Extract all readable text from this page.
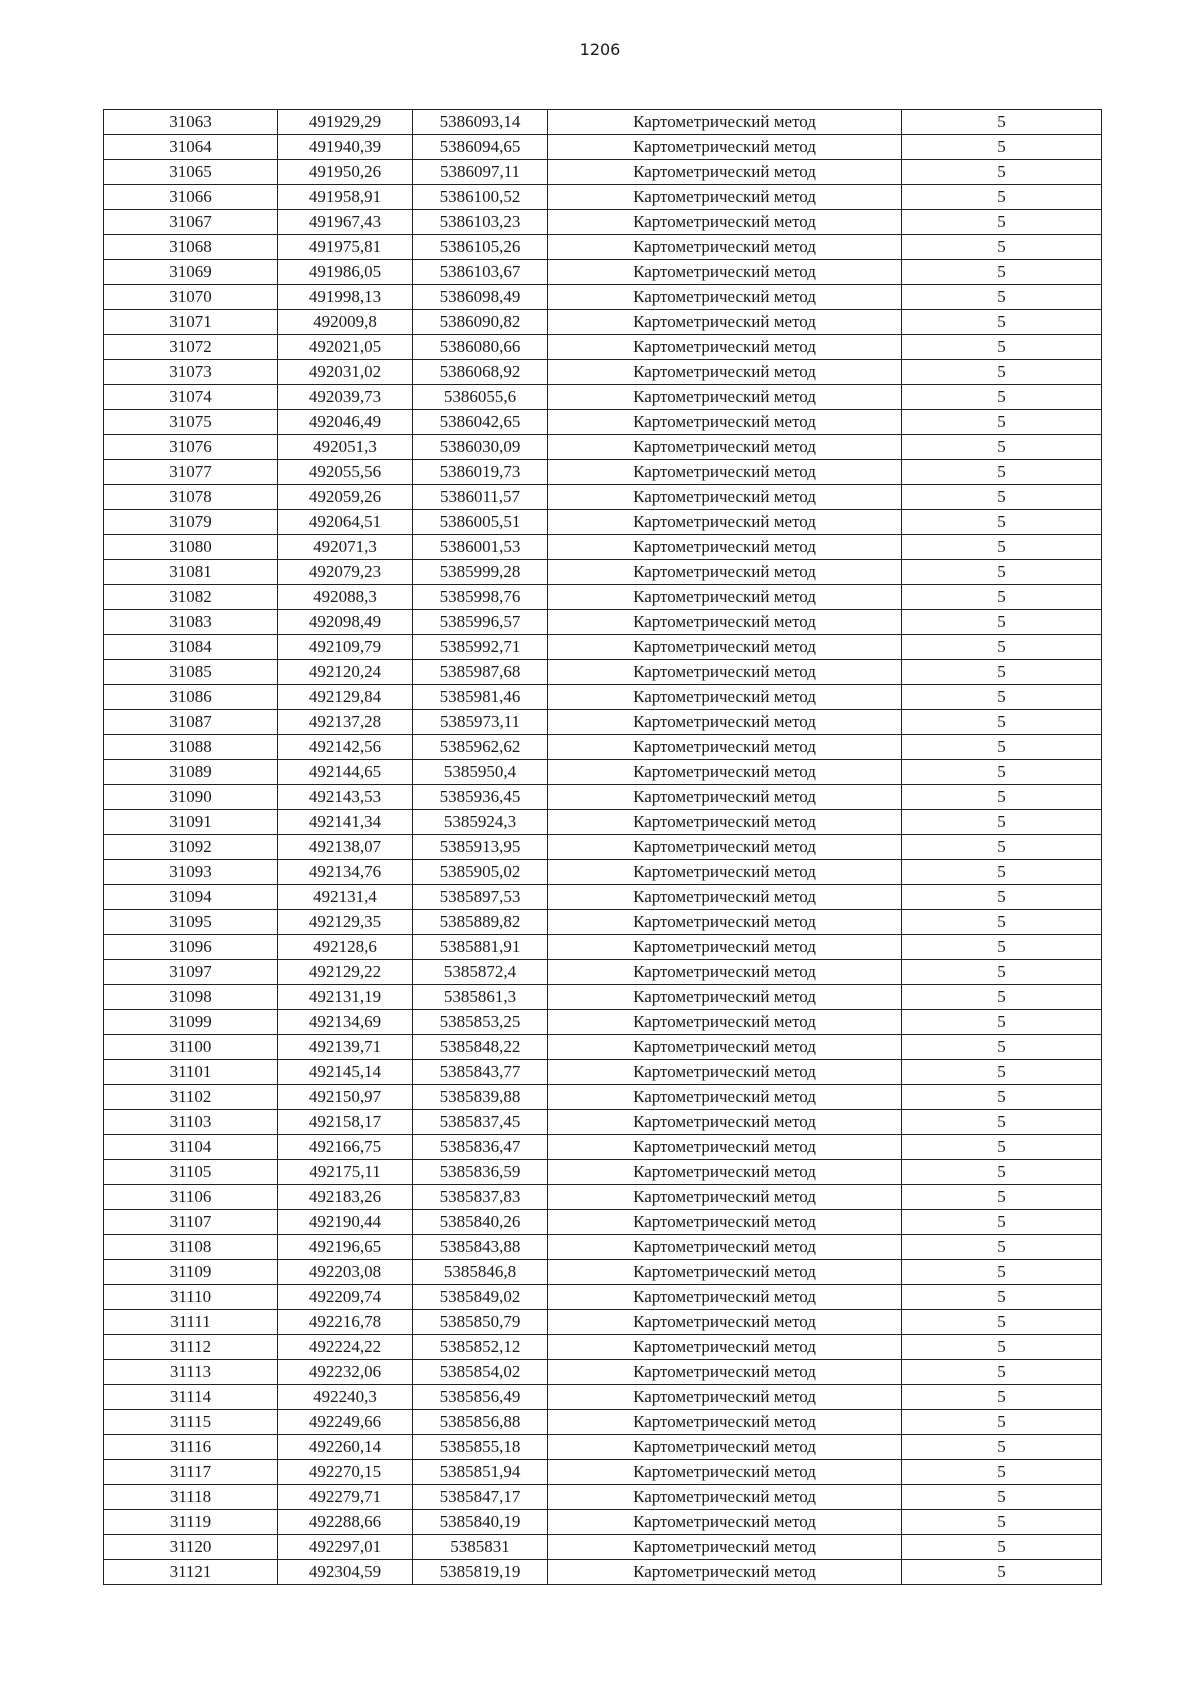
1206
31063	491929,29	5386093,14	Картометрический метод	5
31064	491940,39	5386094,65	Картометрический метод	5
31065	491950,26	5386097,11	Картометрический метод	5
31066	491958,91	5386100,52	Картометрический метод	5
31067	491967,43	5386103,23	Картометрический метод	5
31068	491975,81	5386105,26	Картометрический метод	5
31069	491986,05	5386103,67	Картометрический метод	5
31070	491998,13	5386098,49	Картометрический метод	5
31071	492009,8	5386090,82	Картометрический метод	5
31072	492021,05	5386080,66	Картометрический метод	5
31073	492031,02	5386068,92	Картометрический метод	5
31074	492039,73	5386055,6	Картометрический метод	5
31075	492046,49	5386042,65	Картометрический метод	5
31076	492051,3	5386030,09	Картометрический метод	5
31077	492055,56	5386019,73	Картометрический метод	5
31078	492059,26	5386011,57	Картометрический метод	5
31079	492064,51	5386005,51	Картометрический метод	5
31080	492071,3	5386001,53	Картометрический метод	5
31081	492079,23	5385999,28	Картометрический метод	5
31082	492088,3	5385998,76	Картометрический метод	5
31083	492098,49	5385996,57	Картометрический метод	5
31084	492109,79	5385992,71	Картометрический метод	5
31085	492120,24	5385987,68	Картометрический метод	5
31086	492129,84	5385981,46	Картометрический метод	5
31087	492137,28	5385973,11	Картометрический метод	5
31088	492142,56	5385962,62	Картометрический метод	5
31089	492144,65	5385950,4	Картометрический метод	5
31090	492143,53	5385936,45	Картометрический метод	5
31091	492141,34	5385924,3	Картометрический метод	5
31092	492138,07	5385913,95	Картометрический метод	5
31093	492134,76	5385905,02	Картометрический метод	5
31094	492131,4	5385897,53	Картометрический метод	5
31095	492129,35	5385889,82	Картометрический метод	5
31096	492128,6	5385881,91	Картометрический метод	5
31097	492129,22	5385872,4	Картометрический метод	5
31098	492131,19	5385861,3	Картометрический метод	5
31099	492134,69	5385853,25	Картометрический метод	5
31100	492139,71	5385848,22	Картометрический метод	5
31101	492145,14	5385843,77	Картометрический метод	5
31102	492150,97	5385839,88	Картометрический метод	5
31103	492158,17	5385837,45	Картометрический метод	5
31104	492166,75	5385836,47	Картометрический метод	5
31105	492175,11	5385836,59	Картометрический метод	5
31106	492183,26	5385837,83	Картометрический метод	5
31107	492190,44	5385840,26	Картометрический метод	5
31108	492196,65	5385843,88	Картометрический метод	5
31109	492203,08	5385846,8	Картометрический метод	5
31110	492209,74	5385849,02	Картометрический метод	5
31111	492216,78	5385850,79	Картометрический метод	5
31112	492224,22	5385852,12	Картометрический метод	5
31113	492232,06	5385854,02	Картометрический метод	5
31114	492240,3	5385856,49	Картометрический метод	5
31115	492249,66	5385856,88	Картометрический метод	5
31116	492260,14	5385855,18	Картометрический метод	5
31117	492270,15	5385851,94	Картометрический метод	5
31118	492279,71	5385847,17	Картометрический метод	5
31119	492288,66	5385840,19	Картометрический метод	5
31120	492297,01	5385831	Картометрический метод	5
31121	492304,59	5385819,19	Картометрический метод	5
